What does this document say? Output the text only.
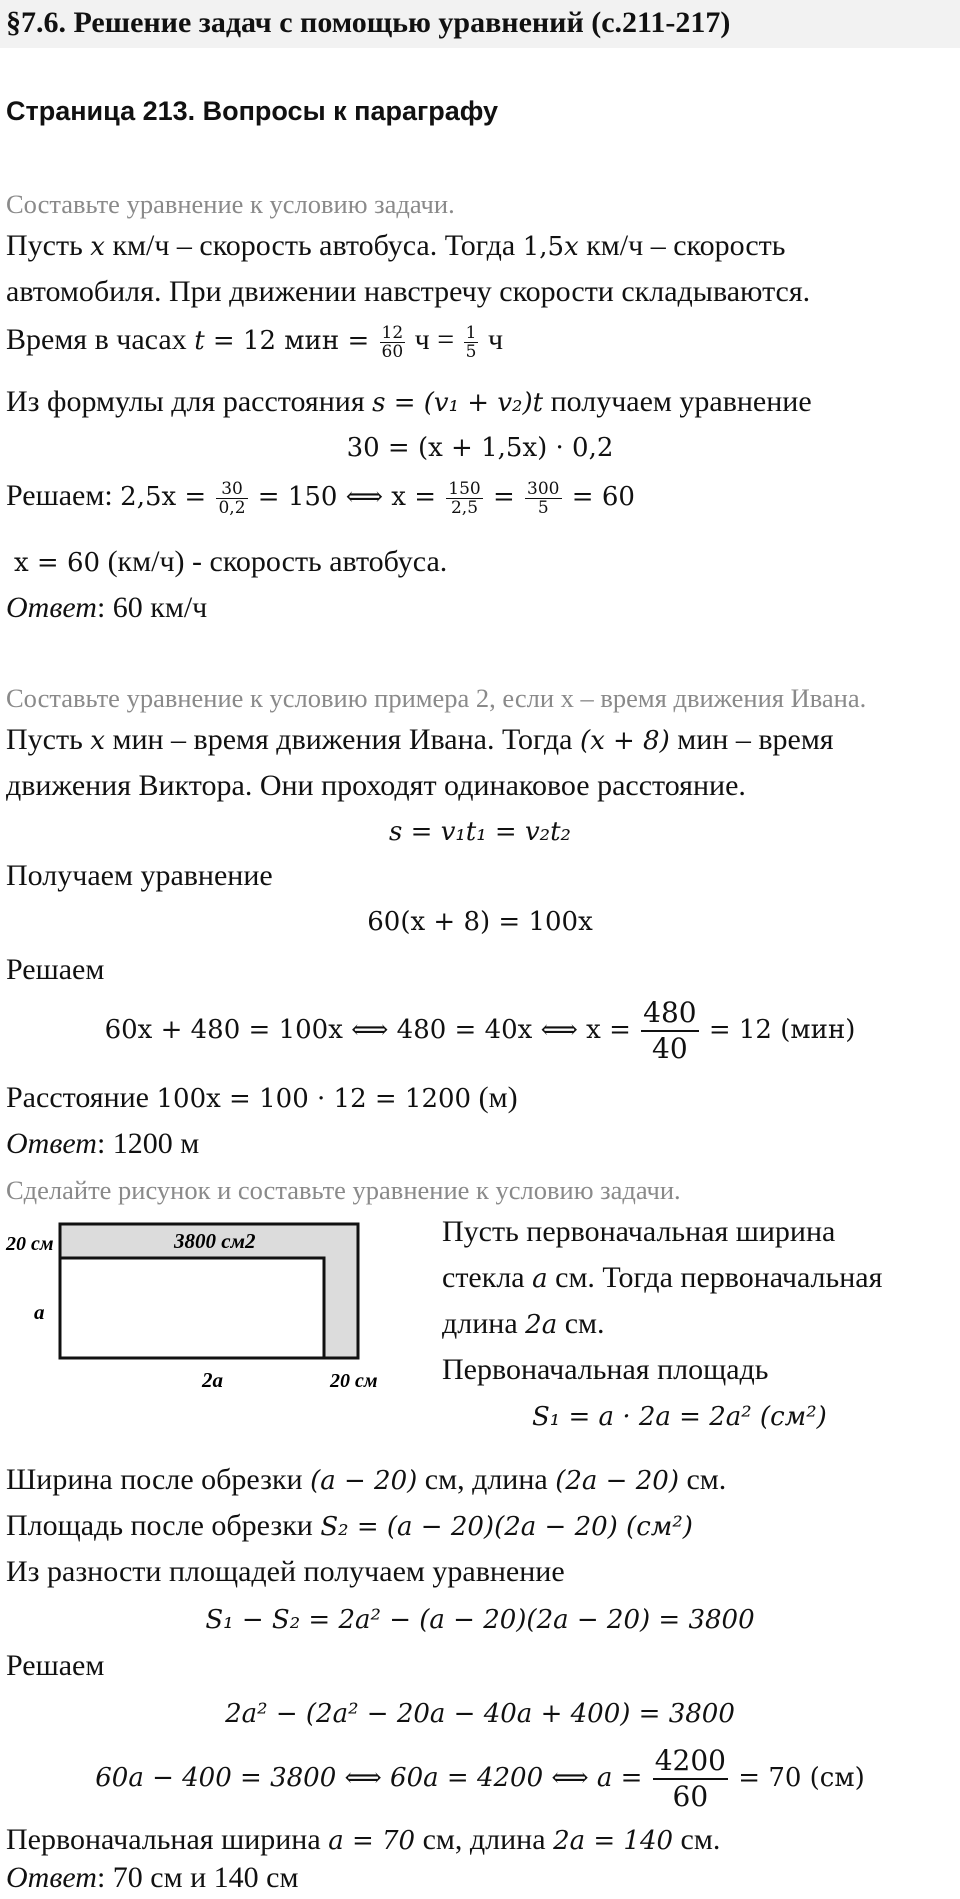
§7.6. Решение задач с помощью уравнений (с.211-217)
Страница 213. Вопросы к параграфу
Составьте уравнение к условию задачи.
Пусть x км/ч – скорость автобуса. Тогда 1,5x км/ч – скорость
автомобиля. При движении навстречу скорости складываются.
Время в часах t = 12 мин = $\frac{12}{60}$ $ч = \frac{1}{5}$ ч
Из формулы для расстояния s = (v₁ + v₂)t получаем уравнение
30 = (x + 1,5x) · 0,2
Решаем: $2,5x = \frac{30}{0,2} = 150$ ⟺ $x = \frac{150}{2,5} = \frac{300}{5} = 60$
x = 60 (км/ч) - скорость автобуса.
Ответ: 60 км/ч
Составьте уравнение к условию примера 2, если x – время движения Ивана.
Пусть x мин – время движения Ивана. Тогда (x + 8) мин – время
движения Виктора. Они проходят одинаковое расстояние.
s = v₁t₁ = v₂t₂
Получаем уравнение
60(x + 8) = 100x
Решаем
60x + 480 = 100x ⟺ 480 = 40x ⟺ $x = \frac{480}{40} = 12$ (мин)
Расстояние 100x = 100 · 12 = 1200 (м)
Ответ: 1200 м
Сделайте рисунок и составьте уравнение к условию задачи.
20 см	3800 см2
a
2a	20 см
Пусть первоначальная ширина
стекла a см. Тогда первоначальная
длина 2a см.
Первоначальная площадь
S₁ = a · 2a = 2a² (см²)
Ширина после обрезки (a − 20) см, длина (2a − 20) см.
Площадь после обрезки S₂ = (a − 20)(2a − 20) (см²)
Из разности площадей получаем уравнение
S₁ − S₂ = 2a² − (a − 20)(2a − 20) = 3800
Решаем
2a² − (2a² − 20a − 40a + 400) = 3800
60a − 400 = 3800 ⟺ 60a = 4200 ⟺ $a = \frac{4200}{60} = 70$ (см)
Первоначальная ширина a = 70 см, длина 2a = 140 см.
Ответ: 70 см и 140 см
